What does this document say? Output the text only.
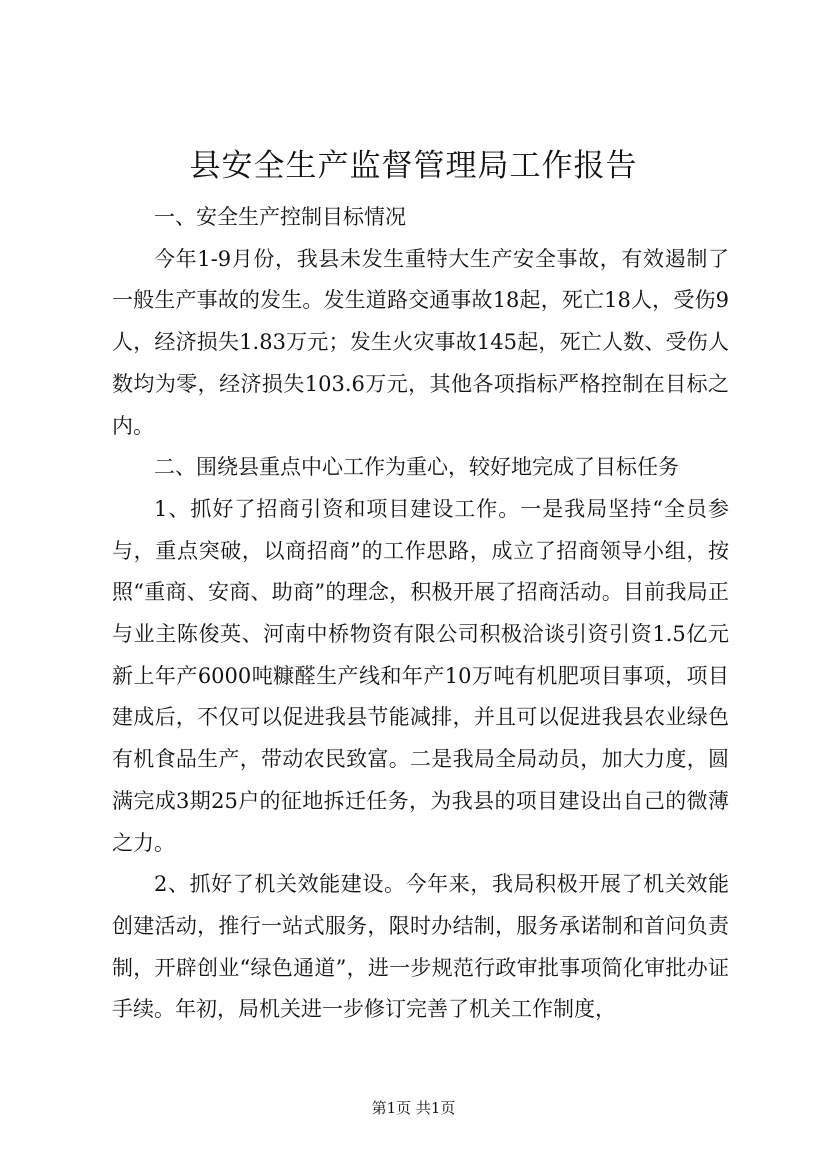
县安全生产监督管理局工作报告

一、安全生产控制目标情况

今年1-9月份，我县未发生重特大生产安全事故，有效遏制了一般生产事故的发生。发生道路交通事故18起，死亡18人，受伤9人，经济损失1.83万元；发生火灾事故145起，死亡人数、受伤人数均为零，经济损失103.6万元，其他各项指标严格控制在目标之内。

二、围绕县重点中心工作为重心，较好地完成了目标任务

1、抓好了招商引资和项目建设工作。一是我局坚持“全员参与，重点突破，以商招商”的工作思路，成立了招商领导小组，按照“重商、安商、助商”的理念，积极开展了招商活动。目前我局正与业主陈俊英、河南中桥物资有限公司积极洽谈引资引资1.5亿元新上年产6000吨糠醛生产线和年产10万吨有机肥项目事项，项目建成后，不仅可以促进我县节能减排，并且可以促进我县农业绿色有机食品生产，带动农民致富。二是我局全局动员，加大力度，圆满完成3期25户的征地拆迁任务，为我县的项目建设出自己的微薄之力。

2、抓好了机关效能建设。今年来，我局积极开展了机关效能创建活动，推行一站式服务，限时办结制，服务承诺制和首问负责制，开辟创业“绿色通道”，进一步规范行政审批事项简化审批办证手续。年初，局机关进一步修订完善了机关工作制度，

第1页 共1页
